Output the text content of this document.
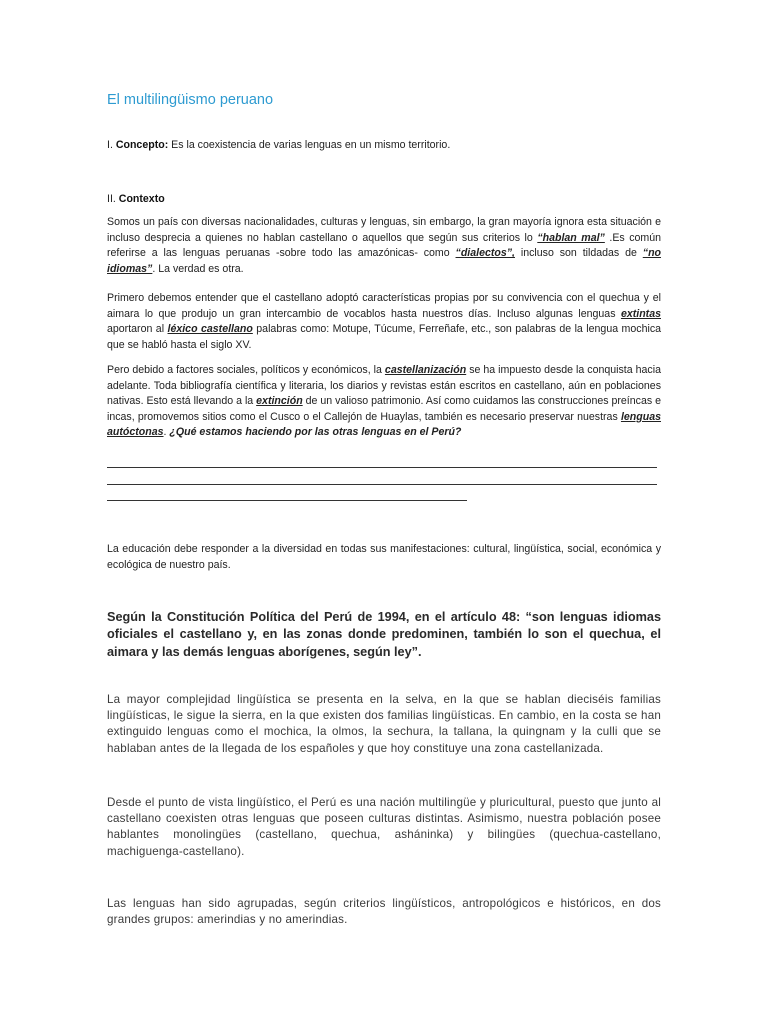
El multilingüismo peruano
I. Concepto: Es la coexistencia de varias lenguas en un mismo territorio.
II. Contexto

Somos un país con diversas nacionalidades, culturas y lenguas, sin embargo, la gran mayoría ignora esta situación e incluso desprecia a quienes no hablan castellano o aquellos que según sus criterios lo “hablan mal” .Es común referirse a las lenguas peruanas -sobre todo las amazónicas- como “dialectos”, incluso son tildadas de “no idiomas”. La verdad es otra.

Primero debemos entender que el castellano adoptó características propias por su convivencia con el quechua y el aimara lo que produjo un gran intercambio de vocablos hasta nuestros días. Incluso algunas lenguas extintas aportaron al léxico castellano palabras como: Motupe, Túcume, Ferreñafe, etc., son palabras de la lengua mochica que se habló hasta el siglo XV.

Pero debido a factores sociales, políticos y económicos, la castellanización se ha impuesto desde la conquista hacia adelante. Toda bibliografía científica y literaria, los diarios y revistas están escritos en castellano, aún en poblaciones nativas. Esto está llevando a la extinción de un valioso patrimonio. Así como cuidamos las construcciones preíncas e incas, promovemos sitios como el Cusco o el Callejón de Huaylas, también es necesario preservar nuestras lenguas autóctonas. ¿Qué estamos haciendo por las otras lenguas en el Perú?

La educación debe responder a la diversidad en todas sus manifestaciones: cultural, lingüística, social, económica y ecológica de nuestro país.

Según la Constitución Política del Perú de 1994, en el artículo 48: “son lenguas idiomas oficiales el castellano y, en las zonas donde predominen, también lo son el quechua, el aimara y las demás lenguas aborígenes, según ley”.

La mayor complejidad lingüística se presenta en la selva, en la que se hablan dieciséis familias lingüísticas, le sigue la sierra, en la que existen dos familias lingüísticas. En cambio, en la costa se han extinguido lenguas como el mochica, la olmos, la sechura, la tallana, la quingnam y la culli que se hablaban antes de la llegada de los españoles y que hoy constituye una zona castellanizada.

Desde el punto de vista lingüístico, el Perú es una nación multilingüe y pluricultural, puesto que junto al castellano coexisten otras lenguas que poseen culturas distintas. Asimismo, nuestra población posee hablantes monolingües (castellano, quechua, asháninka) y bilingües (quechua-castellano, machiguenga-castellano).

Las lenguas han sido agrupadas, según criterios lingüísticos, antropológicos e históricos, en dos grandes grupos: amerindias y no amerindias.
